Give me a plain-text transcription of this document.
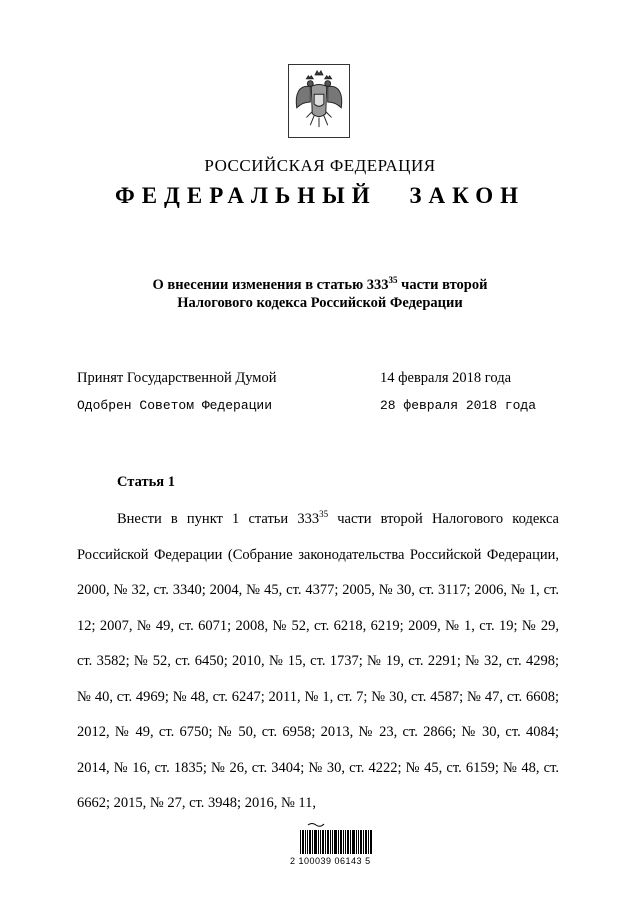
РОССИЙСКАЯ ФЕДЕРАЦИЯ
ФЕДЕРАЛЬНЫЙ ЗАКОН
О внесении изменения в статью $333^{35}$ части второй
Налогового кодекса Российской Федерации
Принят Государственной Думой	14 февраля 2018 года
Одобрен Советом Федерации	28 февраля 2018 года
Статья 1

Внести в пункт 1 статьи $333^{35}$ части второй Налогового кодекса Российской Федерации (Собрание законодательства Российской Федерации, 2000, № 32, ст. 3340; 2004, № 45, ст. 4377; 2005, № 30, ст. 3117; 2006, № 1, ст. 12; 2007, № 49, ст. 6071; 2008, № 52, ст. 6218, 6219; 2009, № 1, ст. 19; № 29, ст. 3582; № 52, ст. 6450; 2010, № 15, ст. 1737; № 19, ст. 2291; № 32, ст. 4298; № 40, ст. 4969; № 48, ст. 6247; 2011, № 1, ст. 7; № 30, ст. 4587; № 47, ст. 6608; 2012, № 49, ст. 6750; № 50, ст. 6958; 2013, № 23, ст. 2866; № 30, ст. 4084; 2014, № 16, ст. 1835; № 26, ст. 3404; № 30, ст. 4222; № 45, ст. 6159; № 48, ст. 6662; 2015, № 27, ст. 3948; 2016, № 11,

2 100039 06143 5
